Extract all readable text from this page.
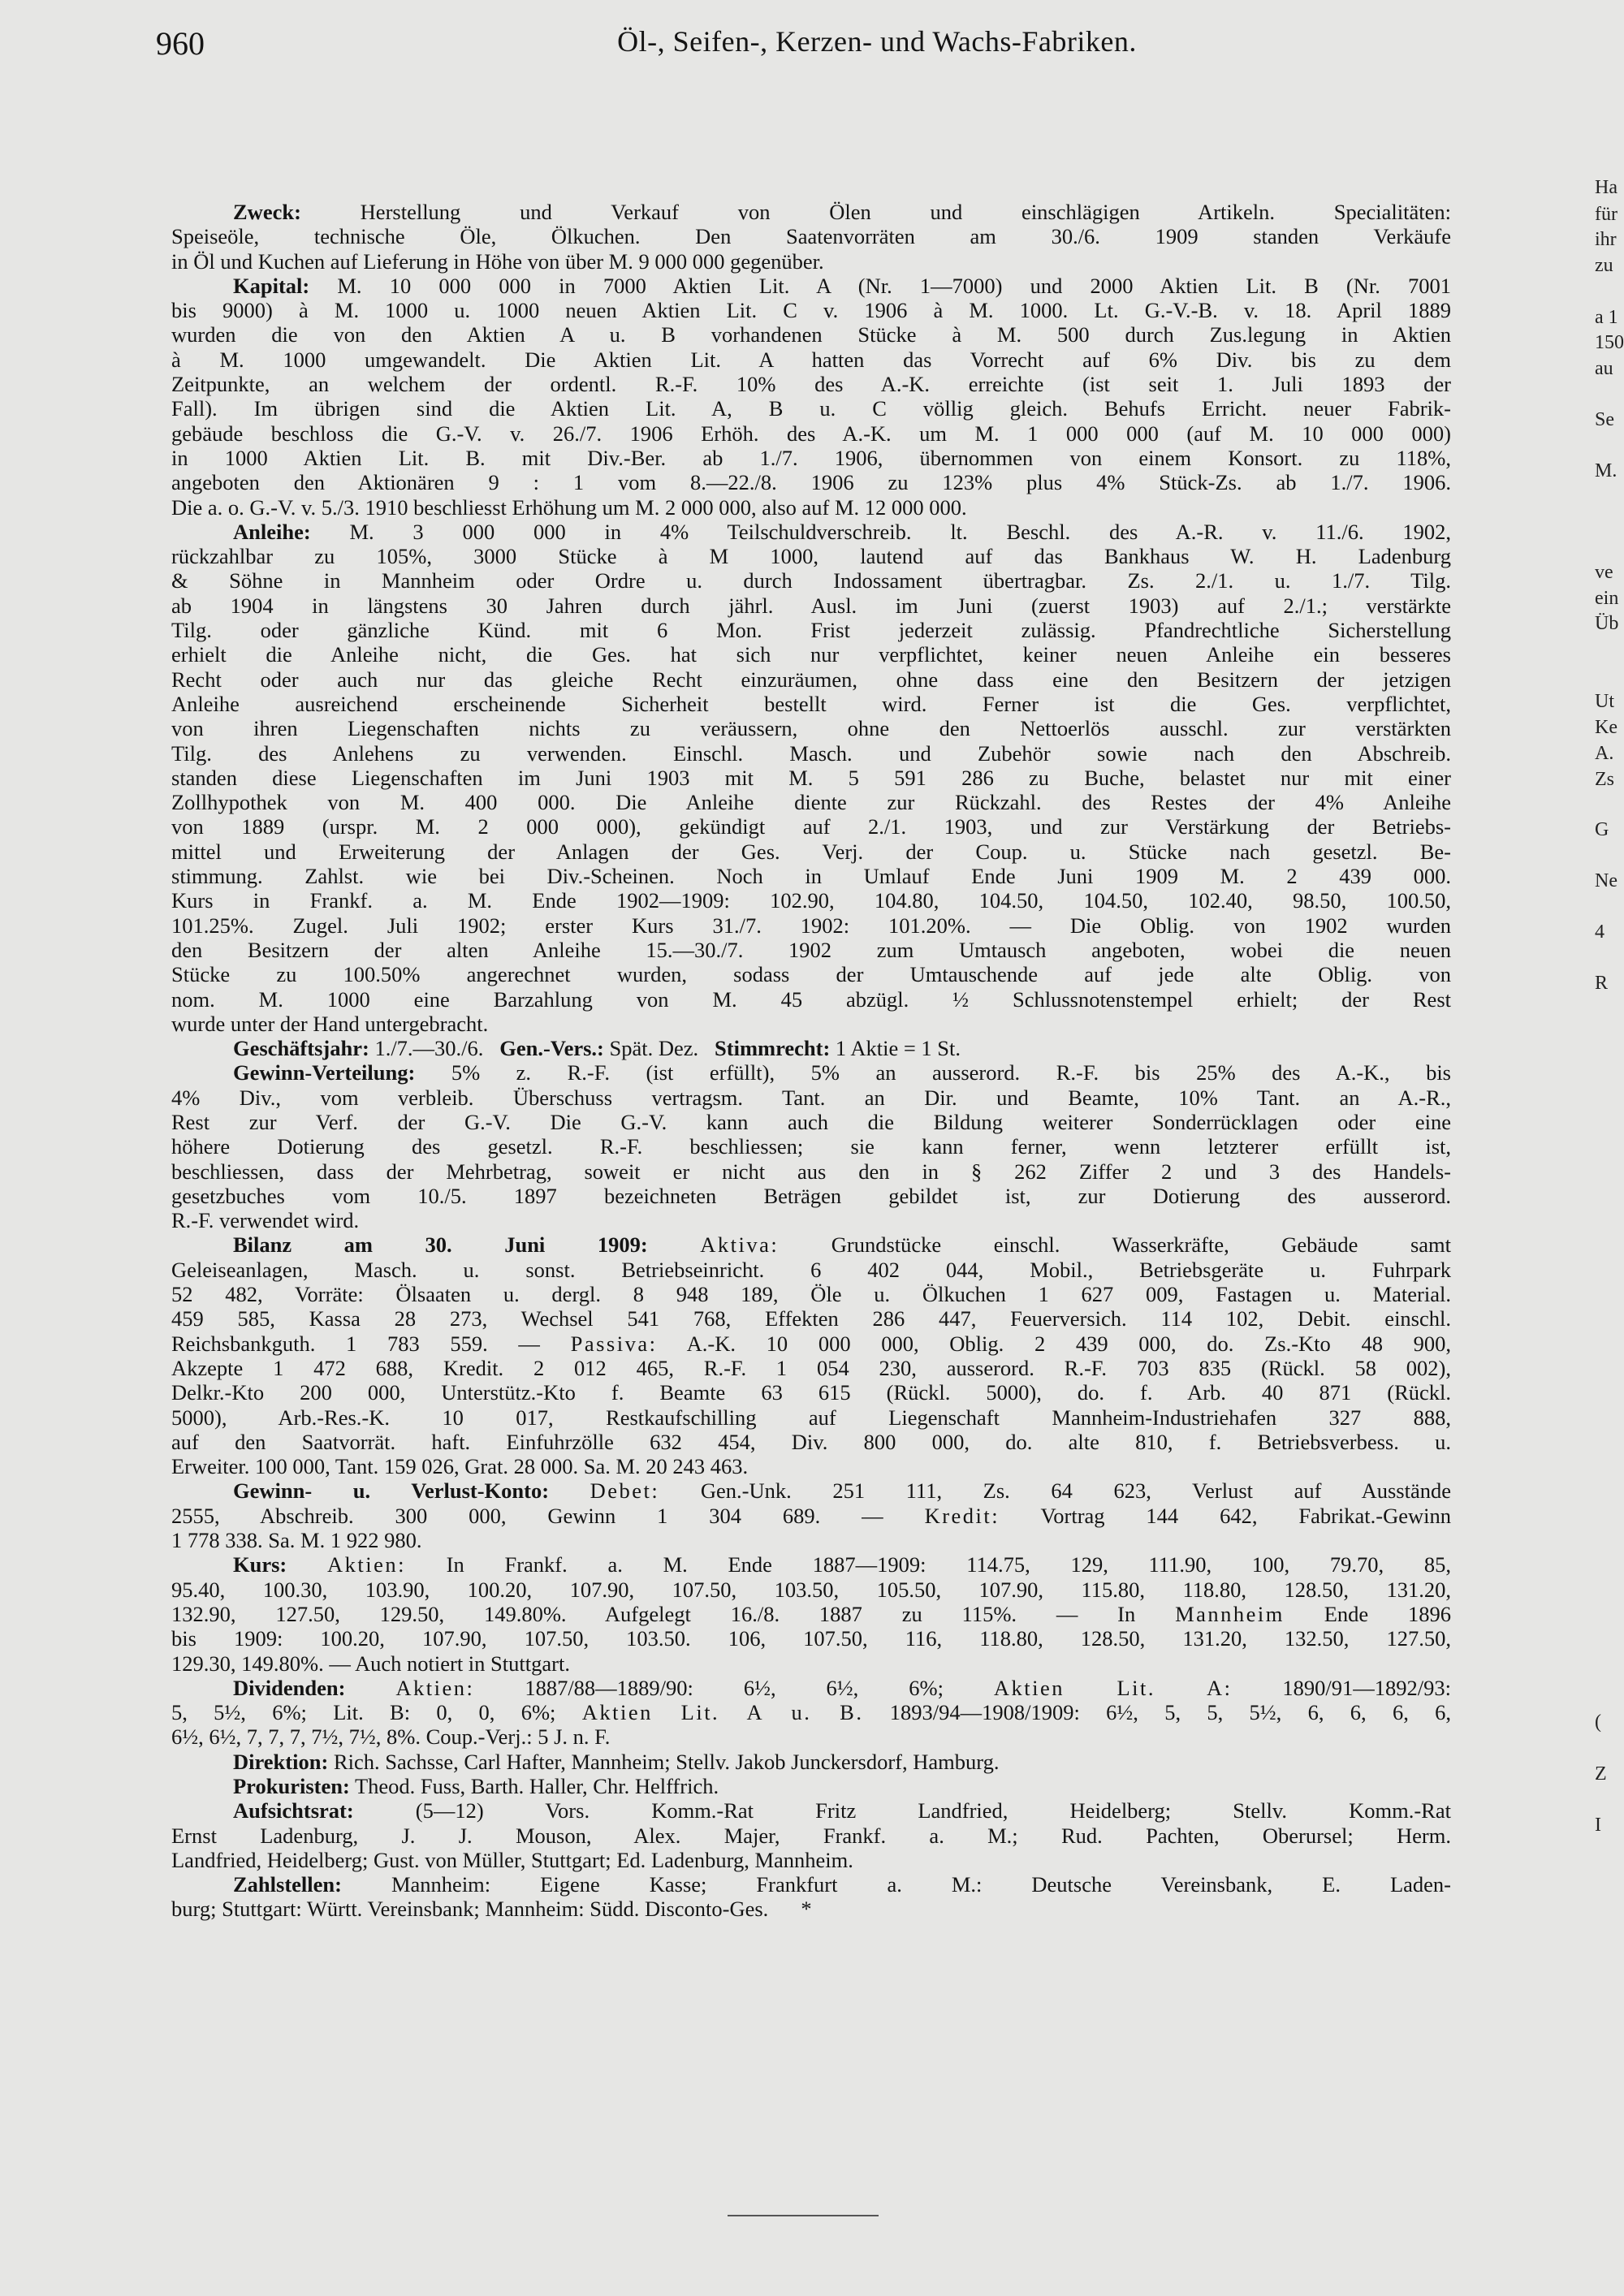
960	Öl-, Seifen-, Kerzen- und Wachs-Fabriken.
Zweck: Herstellung und Verkauf von Ölen und einschlägigen Artikeln. Specialitäten:
Speiseöle, technische Öle, Ölkuchen. Den Saatenvorräten am 30./6. 1909 standen Verkäufe
in Öl und Kuchen auf Lieferung in Höhe von über M. 9 000 000 gegenüber.
Kapital: M. 10 000 000 in 7000 Aktien Lit. A (Nr. 1—7000) und 2000 Aktien Lit. B (Nr. 7001
bis 9000) à M. 1000 u. 1000 neuen Aktien Lit. C v. 1906 à M. 1000. Lt. G.-V.-B. v. 18. April 1889
wurden die von den Aktien A u. B vorhandenen Stücke à M. 500 durch Zus.legung in Aktien
à M. 1000 umgewandelt. Die Aktien Lit. A hatten das Vorrecht auf 6% Div. bis zu dem
Zeitpunkte, an welchem der ordentl. R.-F. 10% des A.-K. erreichte (ist seit 1. Juli 1893 der
Fall). Im übrigen sind die Aktien Lit. A, B u. C völlig gleich. Behufs Erricht. neuer Fabrik-
gebäude beschloss die G.-V. v. 26./7. 1906 Erhöh. des A.-K. um M. 1 000 000 (auf M. 10 000 000)
in 1000 Aktien Lit. B. mit Div.-Ber. ab 1./7. 1906, übernommen von einem Konsort. zu 118%,
angeboten den Aktionären 9 : 1 vom 8.—22./8. 1906 zu 123% plus 4% Stück-Zs. ab 1./7. 1906.
Die a. o. G.-V. v. 5./3. 1910 beschliesst Erhöhung um M. 2 000 000, also auf M. 12 000 000.
Anleihe: M. 3 000 000 in 4% Teilschuldverschreib. lt. Beschl. des A.-R. v. 11./6. 1902,
rückzahlbar zu 105%, 3000 Stücke à M 1000, lautend auf das Bankhaus W. H. Ladenburg
& Söhne in Mannheim oder Ordre u. durch Indossament übertragbar. Zs. 2./1. u. 1./7. Tilg.
ab 1904 in längstens 30 Jahren durch jährl. Ausl. im Juni (zuerst 1903) auf 2./1.; verstärkte
Tilg. oder gänzliche Künd. mit 6 Mon. Frist jederzeit zulässig. Pfandrechtliche Sicherstellung
erhielt die Anleihe nicht, die Ges. hat sich nur verpflichtet, keiner neuen Anleihe ein besseres
Recht oder auch nur das gleiche Recht einzuräumen, ohne dass eine den Besitzern der jetzigen
Anleihe ausreichend erscheinende Sicherheit bestellt wird. Ferner ist die Ges. verpflichtet,
von ihren Liegenschaften nichts zu veräussern, ohne den Nettoerlös ausschl. zur verstärkten
Tilg. des Anlehens zu verwenden. Einschl. Masch. und Zubehör sowie nach den Abschreib.
standen diese Liegenschaften im Juni 1903 mit M. 5 591 286 zu Buche, belastet nur mit einer
Zollhypothek von M. 400 000. Die Anleihe diente zur Rückzahl. des Restes der 4% Anleihe
von 1889 (urspr. M. 2 000 000), gekündigt auf 2./1. 1903, und zur Verstärkung der Betriebs-
mittel und Erweiterung der Anlagen der Ges. Verj. der Coup. u. Stücke nach gesetzl. Be-
stimmung. Zahlst. wie bei Div.-Scheinen. Noch in Umlauf Ende Juni 1909 M. 2 439 000.
Kurs in Frankf. a. M. Ende 1902—1909: 102.90, 104.80, 104.50, 104.50, 102.40, 98.50, 100.50,
101.25%. Zugel. Juli 1902; erster Kurs 31./7. 1902: 101.20%. — Die Oblig. von 1902 wurden
den Besitzern der alten Anleihe 15.—30./7. 1902 zum Umtausch angeboten, wobei die neuen
Stücke zu 100.50% angerechnet wurden, sodass der Umtauschende auf jede alte Oblig. von
nom. M. 1000 eine Barzahlung von M. 45 abzügl. ½ Schlussnotenstempel erhielt; der Rest
wurde unter der Hand untergebracht.
Geschäftsjahr: 1./7.—30./6.   Gen.-Vers.: Spät. Dez.   Stimmrecht: 1 Aktie = 1 St.
Gewinn-Verteilung: 5% z. R.-F. (ist erfüllt), 5% an ausserord. R.-F. bis 25% des A.-K., bis
4% Div., vom verbleib. Überschuss vertragsm. Tant. an Dir. und Beamte, 10% Tant. an A.-R.,
Rest zur Verf. der G.-V. Die G.-V. kann auch die Bildung weiterer Sonderrücklagen oder eine
höhere Dotierung des gesetzl. R.-F. beschliessen; sie kann ferner, wenn letzterer erfüllt ist,
beschliessen, dass der Mehrbetrag, soweit er nicht aus den in § 262 Ziffer 2 und 3 des Handels-
gesetzbuches vom 10./5. 1897 bezeichneten Beträgen gebildet ist, zur Dotierung des ausserord.
R.-F. verwendet wird.
Bilanz am 30. Juni 1909: Aktiva: Grundstücke einschl. Wasserkräfte, Gebäude samt
Geleiseanlagen, Masch. u. sonst. Betriebseinricht. 6 402 044, Mobil., Betriebsgeräte u. Fuhrpark
52 482, Vorräte: Ölsaaten u. dergl. 8 948 189, Öle u. Ölkuchen 1 627 009, Fastagen u. Material.
459 585, Kassa 28 273, Wechsel 541 768, Effekten 286 447, Feuerversich. 114 102, Debit. einschl.
Reichsbankguth. 1 783 559. — Passiva: A.-K. 10 000 000, Oblig. 2 439 000, do. Zs.-Kto 48 900,
Akzepte 1 472 688, Kredit. 2 012 465, R.-F. 1 054 230, ausserord. R.-F. 703 835 (Rückl. 58 002),
Delkr.-Kto 200 000, Unterstütz.-Kto f. Beamte 63 615 (Rückl. 5000), do. f. Arb. 40 871 (Rückl.
5000), Arb.-Res.-K. 10 017, Restkaufschilling auf Liegenschaft Mannheim-Industriehafen 327 888,
auf den Saatvorrät. haft. Einfuhrzölle 632 454, Div. 800 000, do. alte 810, f. Betriebsverbess. u.
Erweiter. 100 000, Tant. 159 026, Grat. 28 000. Sa. M. 20 243 463.
Gewinn- u. Verlust-Konto: Debet: Gen.-Unk. 251 111, Zs. 64 623, Verlust auf Ausstände
2555, Abschreib. 300 000, Gewinn 1 304 689. — Kredit: Vortrag 144 642, Fabrikat.-Gewinn
1 778 338. Sa. M. 1 922 980.
Kurs: Aktien: In Frankf. a. M. Ende 1887—1909: 114.75, 129, 111.90, 100, 79.70, 85,
95.40, 100.30, 103.90, 100.20, 107.90, 107.50, 103.50, 105.50, 107.90, 115.80, 118.80, 128.50, 131.20,
132.90, 127.50, 129.50, 149.80%. Aufgelegt 16./8. 1887 zu 115%. — In Mannheim Ende 1896
bis 1909: 100.20, 107.90, 107.50, 103.50. 106, 107.50, 116, 118.80, 128.50, 131.20, 132.50, 127.50,
129.30, 149.80%. — Auch notiert in Stuttgart.
Dividenden: Aktien: 1887/88—1889/90: 6½, 6½, 6%; Aktien Lit. A: 1890/91—1892/93:
5, 5½, 6%; Lit. B: 0, 0, 6%; Aktien Lit. A u. B. 1893/94—1908/1909: 6½, 5, 5, 5½, 6, 6, 6, 6,
6½, 6½, 7, 7, 7, 7½, 7½, 8%. Coup.-Verj.: 5 J. n. F.
Direktion: Rich. Sachsse, Carl Hafter, Mannheim; Stellv. Jakob Junckersdorf, Hamburg.
Prokuristen: Theod. Fuss, Barth. Haller, Chr. Helffrich.
Aufsichtsrat: (5—12) Vors. Komm.-Rat Fritz Landfried, Heidelberg; Stellv. Komm.-Rat
Ernst Ladenburg, J. J. Mouson, Alex. Majer, Frankf. a. M.; Rud. Pachten, Oberursel; Herm.
Landfried, Heidelberg; Gust. von Müller, Stuttgart; Ed. Ladenburg, Mannheim.
Zahlstellen: Mannheim: Eigene Kasse; Frankfurt a. M.: Deutsche Vereinsbank, E. Laden-
burg; Stuttgart: Württ. Vereinsbank; Mannheim: Südd. Disconto-Ges. *
Ha
für
ihr
zu
a 1
150
au
Se
M.
ve
ein
Üb
Ut
Ke
A.
Zs
G
Ne
4
R
(
Z
I
